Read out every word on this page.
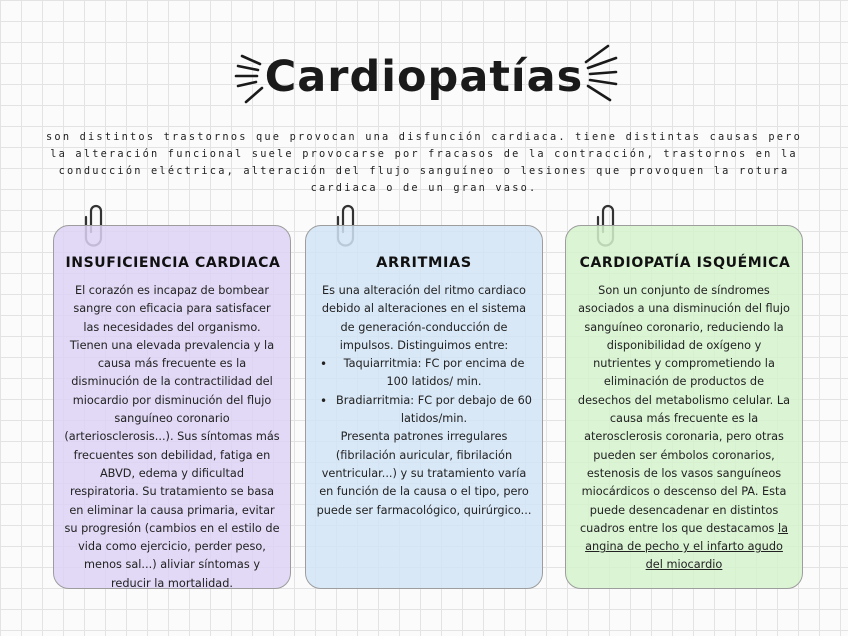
Cardiopatías
son distintos trastornos que provocan una disfunción cardiaca. tiene distintas causas pero la alteración funcional suele provocarse por fracasos de la contracción, trastornos en la conducción eléctrica, alteración del flujo sanguíneo o lesiones que provoquen la rotura cardiaca o de un gran vaso.
INSUFICIENCIA CARDIACA
El corazón es incapaz de bombear sangre con eficacia para satisfacer las necesidades del organismo. Tienen una elevada prevalencia y la causa más frecuente es la disminución de la contractilidad del miocardio por disminución del flujo sanguíneo coronario (arteriosclerosis...). Sus síntomas más frecuentes son debilidad, fatiga en ABVD, edema y dificultad respiratoria. Su tratamiento se basa en eliminar la causa primaria, evitar su progresión (cambios en el estilo de vida como ejercicio, perder peso, menos sal...) aliviar síntomas y reducir la mortalidad.
ARRITMIAS
Es una alteración del ritmo cardiaco debido al alteraciones en el sistema de generación-conducción de impulsos. Distinguimos entre:
• Taquiarritmia: FC por encima de 100 latidos/ min.
• Bradiarritmia: FC por debajo de 60 latidos/min.
Presenta patrones irregulares (fibrilación auricular, fibrilación ventricular...) y su tratamiento varía en función de la causa o el tipo, pero puede ser farmacológico, quirúrgico...
CARDIOPATÍA ISQUÉMICA
Son un conjunto de síndromes asociados a una disminución del flujo sanguíneo coronario, reduciendo la disponibilidad de oxígeno y nutrientes y comprometiendo la eliminación de productos de desechos del metabolismo celular. La causa más frecuente es la aterosclerosis coronaria, pero otras pueden ser émbolos coronarios, estenosis de los vasos sanguíneos miocárdicos o descenso del PA. Esta puede desencadenar en distintos cuadros entre los que destacamos la angina de pecho y el infarto agudo del miocardio
